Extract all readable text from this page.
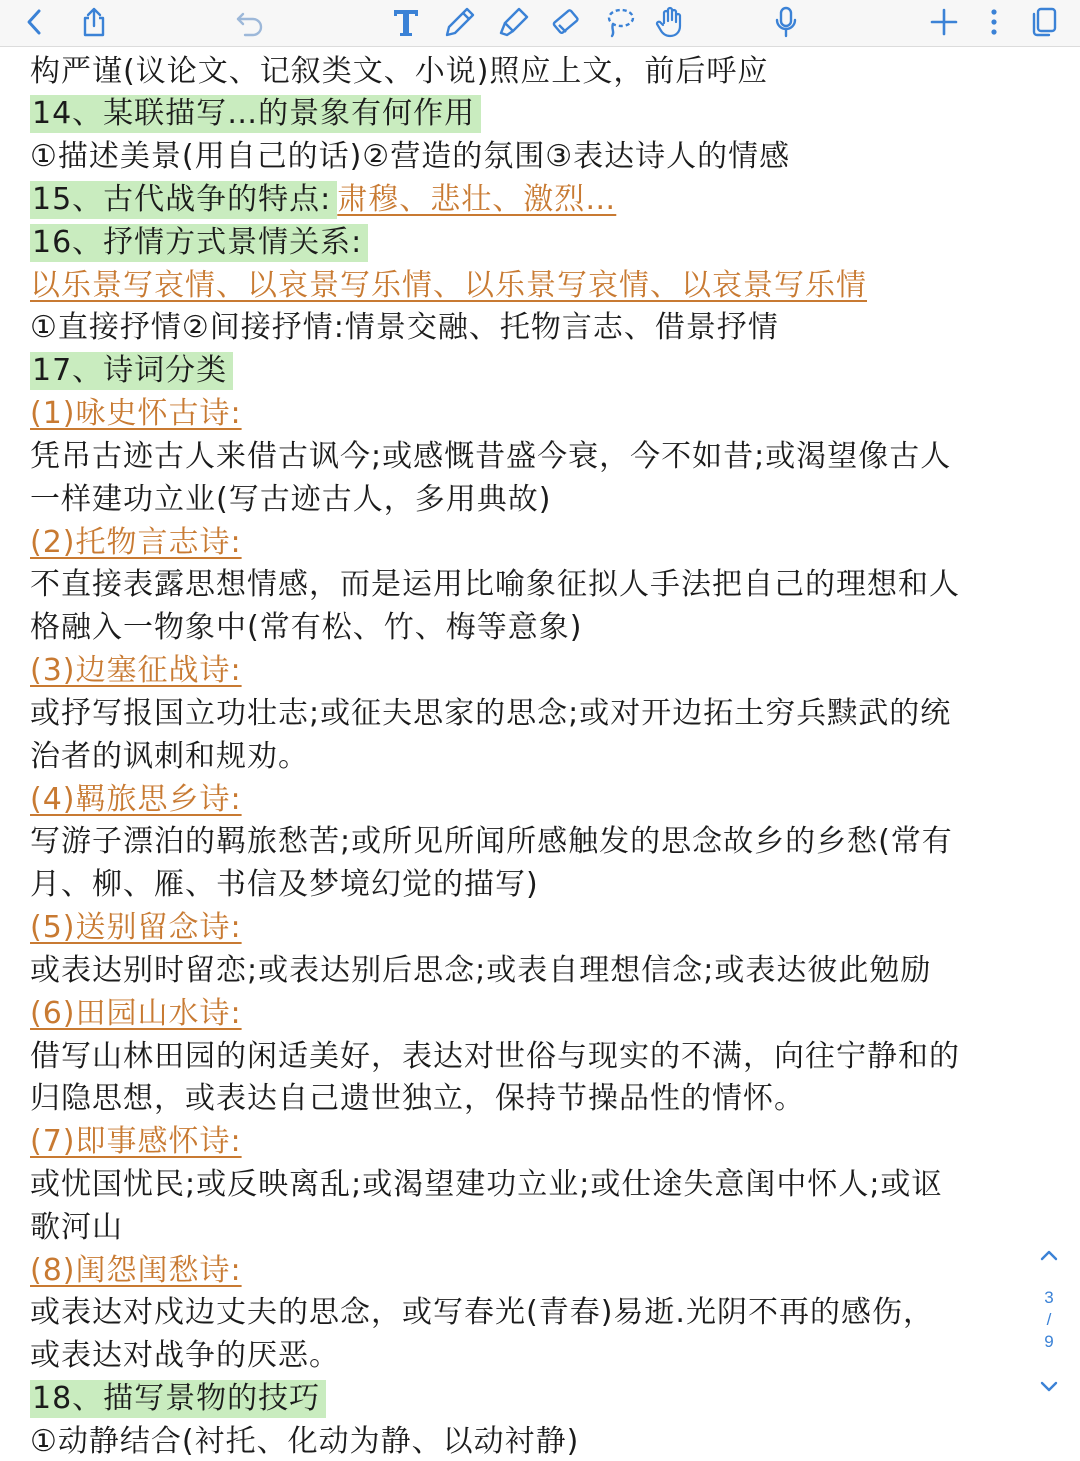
构严谨(议论文、记叙类文、小说)照应上文，前后呼应
14、某联描写…的景象有何作用
①描述美景(用自己的话)②营造的氛围③表达诗人的情感
15、古代战争的特点: 肃穆、悲壮、激烈…
16、抒情方式景情关系:
以乐景写哀情、以哀景写乐情、以乐景写哀情、以哀景写乐情
①直接抒情②间接抒情:情景交融、托物言志、借景抒情
17、诗词分类
(1)咏史怀古诗:
凭吊古迹古人来借古讽今;或感慨昔盛今衰，今不如昔;或渴望像古人
一样建功立业(写古迹古人，多用典故)
(2)托物言志诗:
不直接表露思想情感，而是运用比喻象征拟人手法把自己的理想和人
格融入一物象中(常有松、竹、梅等意象)
(3)边塞征战诗:
或抒写报国立功壮志;或征夫思家的思念;或对开边拓土穷兵黩武的统
治者的讽刺和规劝。
(4)羁旅思乡诗:
写游子漂泊的羁旅愁苦;或所见所闻所感触发的思念故乡的乡愁(常有
月、柳、雁、书信及梦境幻觉的描写)
(5)送别留念诗:
或表达别时留恋;或表达别后思念;或表自理想信念;或表达彼此勉励
(6)田园山水诗:
借写山林田园的闲适美好，表达对世俗与现实的不满，向往宁静和的
归隐思想，或表达自己遗世独立，保持节操品性的情怀。
(7)即事感怀诗:
或忧国忧民;或反映离乱;或渴望建功立业;或仕途失意闺中怀人;或讴
歌河山
(8)闺怨闺愁诗:
或表达对戍边丈夫的思念，或写春光(青春)易逝.光阴不再的感伤，
或表达对战争的厌恶。
18、描写景物的技巧
①动静结合(衬托、化动为静、以动衬静)
3
/
9
